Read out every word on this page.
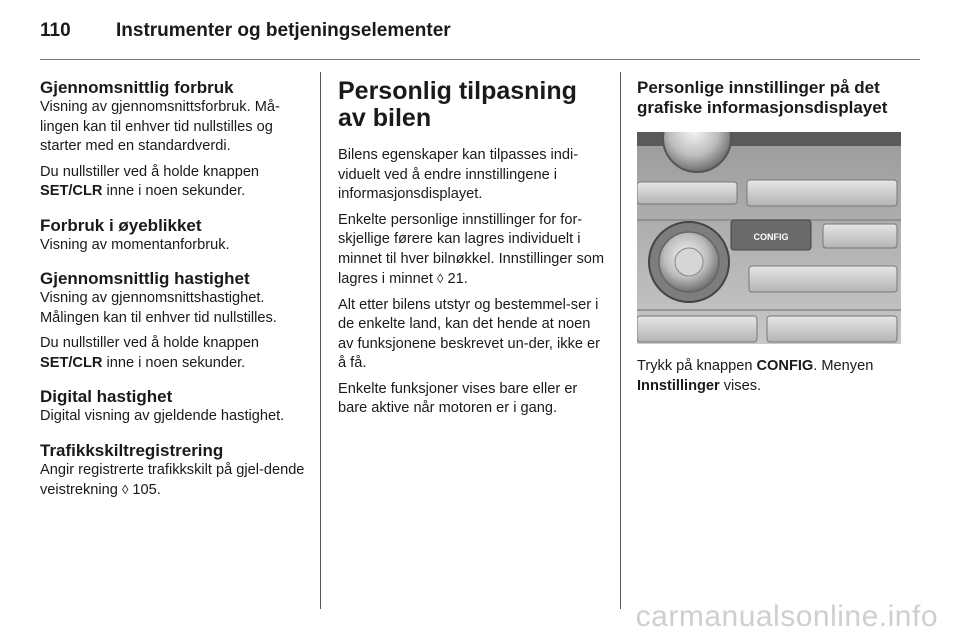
110 Instrumenter og betjeningselementer
Gjennomsnittlig forbruk

Visning av gjennomsnittsforbruk. Må-lingen kan til enhver tid nullstilles og starter med en standardverdi.

Du nullstiller ved å holde knappen SET/CLR inne i noen sekunder.

Forbruk i øyeblikket

Visning av momentanforbruk.

Gjennomsnittlig hastighet

Visning av gjennomsnittshastighet. Målingen kan til enhver tid nullstilles.

Du nullstiller ved å holde knappen SET/CLR inne i noen sekunder.

Digital hastighet

Digital visning av gjeldende hastighet.

Trafikkskiltregistrering

Angir registrerte trafikkskilt på gjel-dende veistrekning ◊ 105.

Personlig tilpasning av bilen

Bilens egenskaper kan tilpasses indi-viduelt ved å endre innstillingene i informasjonsdisplayet.

Enkelte personlige innstillinger for for-skjellige førere kan lagres individuelt i minnet til hver bilnøkkel. Innstillinger som lagres i minnet ◊ 21.

Alt etter bilens utstyr og bestemmel-ser i de enkelte land, kan det hende at noen av funksjonene beskrevet un-der, ikke er å få.

Enkelte funksjoner vises bare eller er bare aktive når motoren er i gang.

Personlige innstillinger på det grafiske informasjonsdisplayet
CONFIG

Trykk på knappen CONFIG. Menyen Innstillinger vises.

carmanualsonline.info
